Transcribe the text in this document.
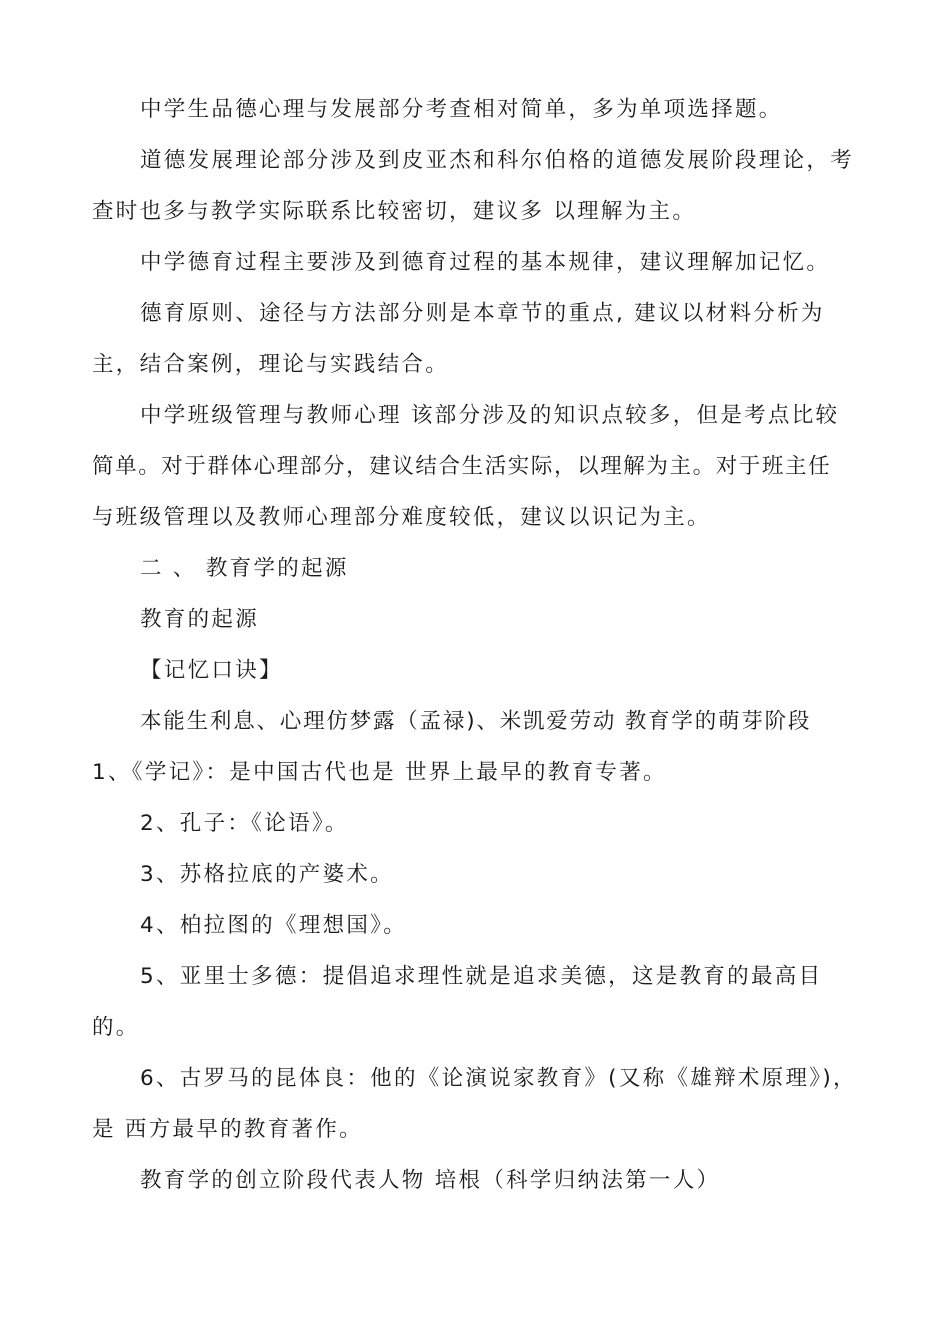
中学生品德心理与发展部分考查相对简单，多为单项选择题。
道德发展理论部分涉及到皮亚杰和科尔伯格的道德发展阶段理论，考
查时也多与教学实际联系比较密切，建议多 以理解为主。
中学德育过程主要涉及到德育过程的基本规律，建议理解加记忆。
德育原则、途径与方法部分则是本章节的重点, 建议以材料分析为
主，结合案例，理论与实践结合。
中学班级管理与教师心理 该部分涉及的知识点较多，但是考点比较
简单。对于群体心理部分，建议结合生活实际，以理解为主。对于班主任
与班级管理以及教师心理部分难度较低，建议以识记为主。
二 、 教育学的起源
教育的起源
【记忆口诀】
本能生利息、心理仿梦露（孟禄)、米凯爱劳动 教育学的萌芽阶段
1、《学记》：是中国古代也是 世界上最早的教育专著。
2、孔子：《论语》。
3、苏格拉底的产婆术。
4、柏拉图的《理想国》。
5、亚里士多德：提倡追求理性就是追求美德，这是教育的最高目
的。
6、古罗马的昆体良：他的《论演说家教育》(又称《雄辩术原理》)，
是 西方最早的教育著作。
教育学的创立阶段代表人物 培根（科学归纳法第一人）
